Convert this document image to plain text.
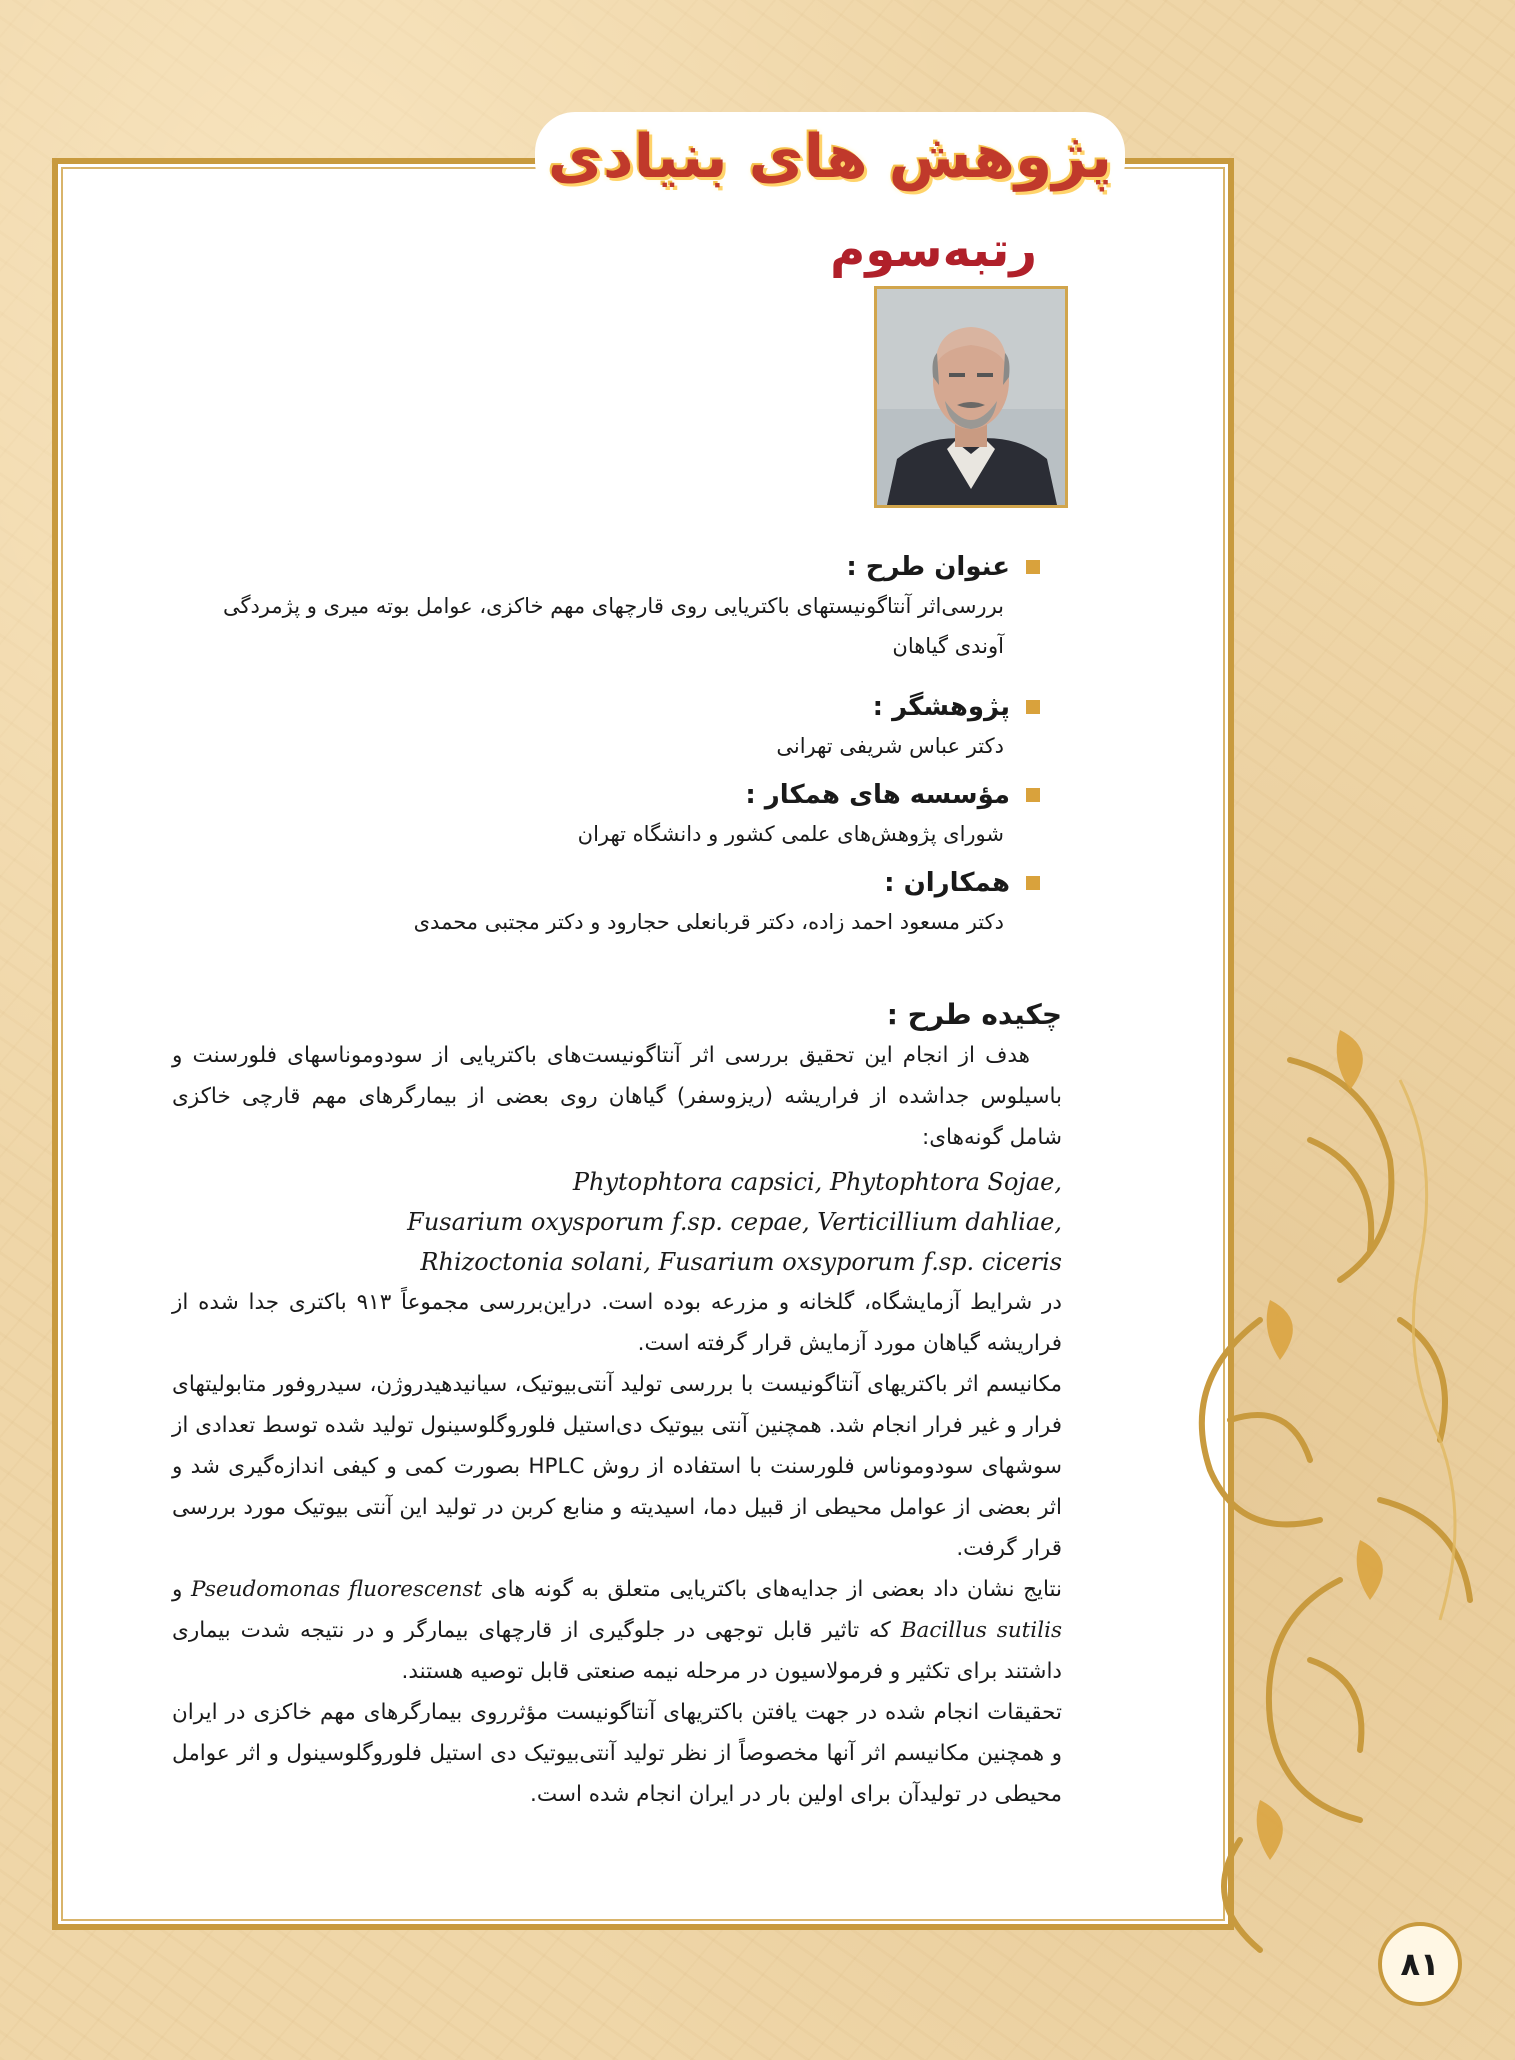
پژوهش های بنیادی
رتبه‌سوم
عنوان طرح :
بررسی‌اثر آنتاگونیستهای باکتریایی روی قارچهای مهم خاکزی، عوامل بوته میری و پژمردگی
آوندی گیاهان
پژوهشگر :
دکتر عباس شریفی تهرانی
مؤسسه های همکار :
شورای پژوهش‌های علمی کشور و دانشگاه تهران
همکاران :
دکتر مسعود احمد زاده، دکتر قربانعلی حجارود و دکتر مجتبی محمدی
چکیده طرح :

هدف از انجام این تحقیق بررسی اثر آنتاگونیست‌های باکتریایی از سودوموناسهای فلورسنت و باسیلوس جداشده از فراریشه (ریزوسفر) گیاهان روی بعضی از بیمارگرهای مهم قارچی خاکزی شامل گونه‌های:

Phytophtora capsici, Phytophtora Sojae,
Fusarium oxysporum f.sp. cepae, Verticillium dahliae,
Rhizoctonia solani, Fusarium oxsyporum f.sp. ciceris

در شرایط آزمایشگاه، گلخانه و مزرعه بوده است. دراین‌بررسی مجموعاً ۹۱۳ باکتری جدا شده از فراریشه گیاهان مورد آزمایش قرار گرفته است.

مکانیسم اثر باکتریهای آنتاگونیست با بررسی تولید آنتی‌بیوتیک، سیانیدهیدروژن، سیدروفور متابولیتهای فرار و غیر فرار انجام شد. همچنین آنتی بیوتیک دی‌استیل فلوروگلوسینول تولید شده توسط تعدادی از سوشهای سودوموناس فلورسنت با استفاده از روش HPLC بصورت کمی و کیفی اندازه‌گیری شد و اثر بعضی از عوامل محیطی از قبیل دما، اسیدیته و منابع کربن در تولید این آنتی بیوتیک مورد بررسی قرار گرفت.

نتایج نشان داد بعضی از جدایه‌های باکتریایی متعلق به گونه های Pseudomonas fluorescenst و Bacillus sutilis که تاثیر قابل توجهی در جلوگیری از قارچهای بیمارگر و در نتیجه شدت بیماری داشتند برای تکثیر و فرمولاسیون در مرحله نیمه صنعتی قابل توصیه هستند.

تحقیقات انجام شده در جهت یافتن باکتریهای آنتاگونیست مؤثرروی بیمارگرهای مهم خاکزی در ایران و همچنین مکانیسم اثر آنها مخصوصاً از نظر تولید آنتی‌بیوتیک دی استیل فلوروگلوسینول و اثر عوامل محیطی در تولیدآن برای اولین بار در ایران انجام شده است.

۸۱
